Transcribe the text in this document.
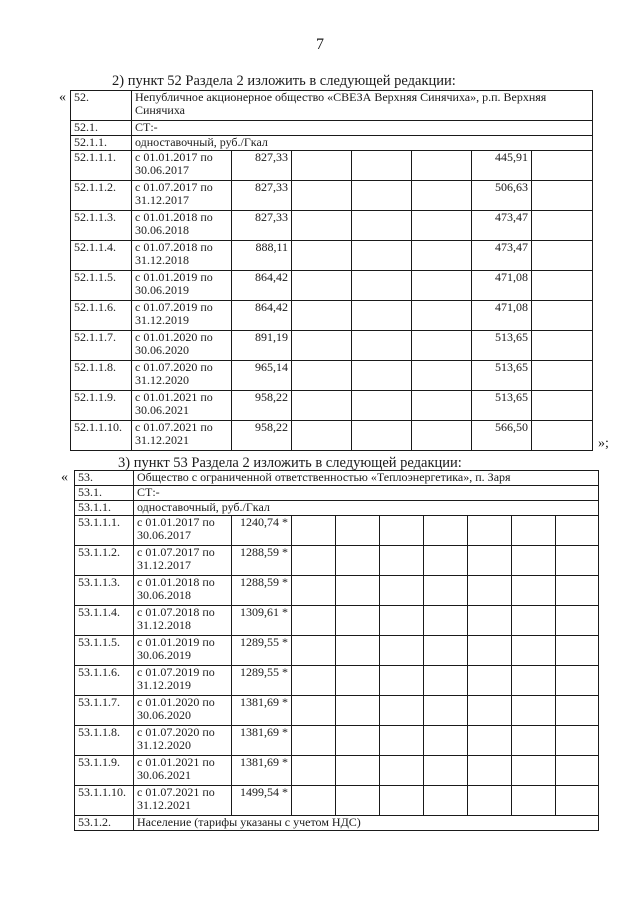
7
2) пункт 52 Раздела 2 изложить в следующей редакции:
«
»;
52.	Непубличное акционерное общество «СВЕЗА Верхняя Синячиха», р.п. Верхняя Синячиха						
52.1.	СТ:-						
52.1.1.	одноставочный, руб./Гкал						
52.1.1.1.	с 01.01.2017 по 30.06.2017	827,33				445,91	
52.1.1.2.	с 01.07.2017 по 31.12.2017	827,33				506,63	
52.1.1.3.	с 01.01.2018 по 30.06.2018	827,33				473,47	
52.1.1.4.	с 01.07.2018 по 31.12.2018	888,11				473,47	
52.1.1.5.	с 01.01.2019 по 30.06.2019	864,42				471,08	
52.1.1.6.	с 01.07.2019 по 31.12.2019	864,42				471,08	
52.1.1.7.	с 01.01.2020 по 30.06.2020	891,19				513,65	
52.1.1.8.	с 01.07.2020 по 31.12.2020	965,14				513,65	
52.1.1.9.	с 01.01.2021 по 30.06.2021	958,22				513,65	
52.1.1.10.	с 01.07.2021 по 31.12.2021	958,22				566,50	
3) пункт 53 Раздела 2 изложить в следующей редакции:
« 53.	Общество с ограниченной ответственностью «Теплоэнергетика», п. Заря								
53.1.	СТ:-								
53.1.1.	одноставочный, руб./Гкал								
53.1.1.1.	с 01.01.2017 по 30.06.2017	1240,74 *							
53.1.1.2.	с 01.07.2017 по 31.12.2017	1288,59 *							
53.1.1.3.	с 01.01.2018 по 30.06.2018	1288,59 *							
53.1.1.4.	с 01.07.2018 по 31.12.2018	1309,61 *							
53.1.1.5.	с 01.01.2019 по 30.06.2019	1289,55 *							
53.1.1.6.	с 01.07.2019 по 31.12.2019	1289,55 *							
53.1.1.7.	с 01.01.2020 по 30.06.2020	1381,69 *							
53.1.1.8.	с 01.07.2020 по 31.12.2020	1381,69 *							
53.1.1.9.	с 01.01.2021 по 30.06.2021	1381,69 *							
53.1.1.10.	с 01.07.2021 по 31.12.2021	1499,54 *							
53.1.2.	Население (тарифы указаны с учетом НДС)								
